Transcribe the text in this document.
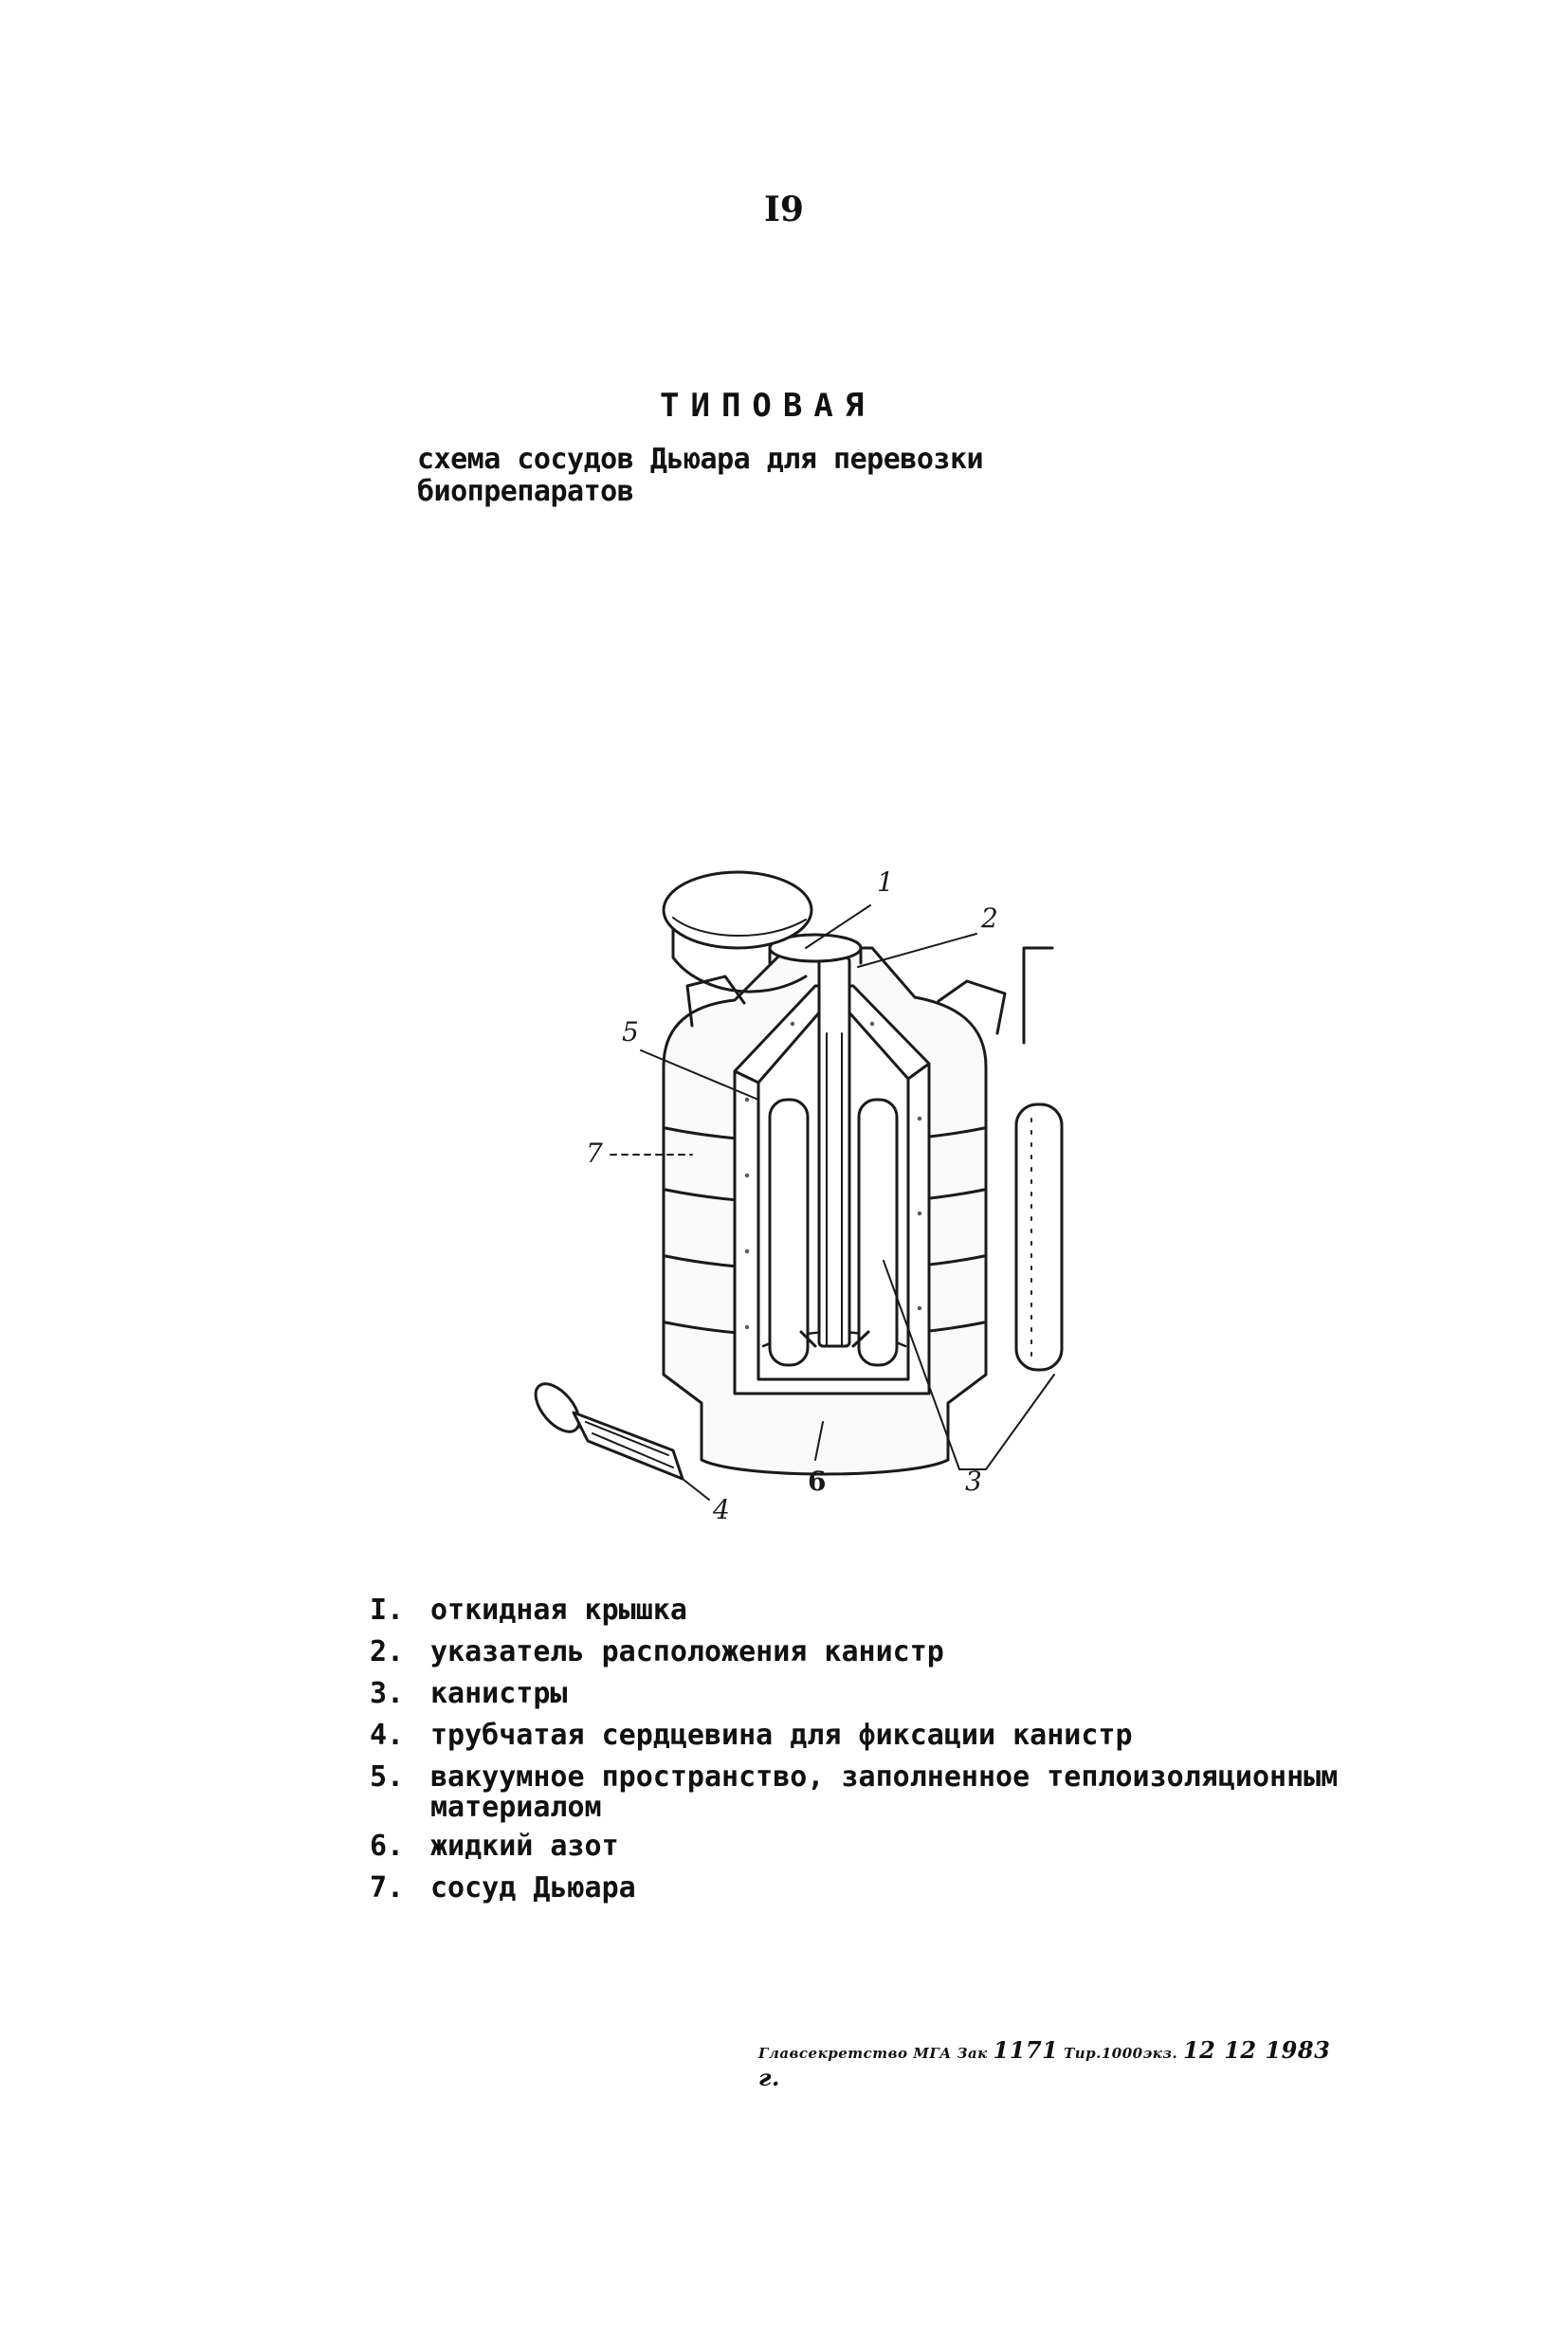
I9
ТИПОВАЯ
схема сосудов Дьюара для перевозки биопрепаратов
1
2
5
7
4
6	3
I. откидная крышка
2. указатель расположения канистр
3. канистры
4. трубчатая сердцевина для фиксации канистр
5. вакуумное пространство, заполненное теплоизоляционным материалом
6. жидкий азот
7. сосуд Дьюара
Главсекретство МГА Зак 1171 Тир.1000экз. 12 12 1983 г.
